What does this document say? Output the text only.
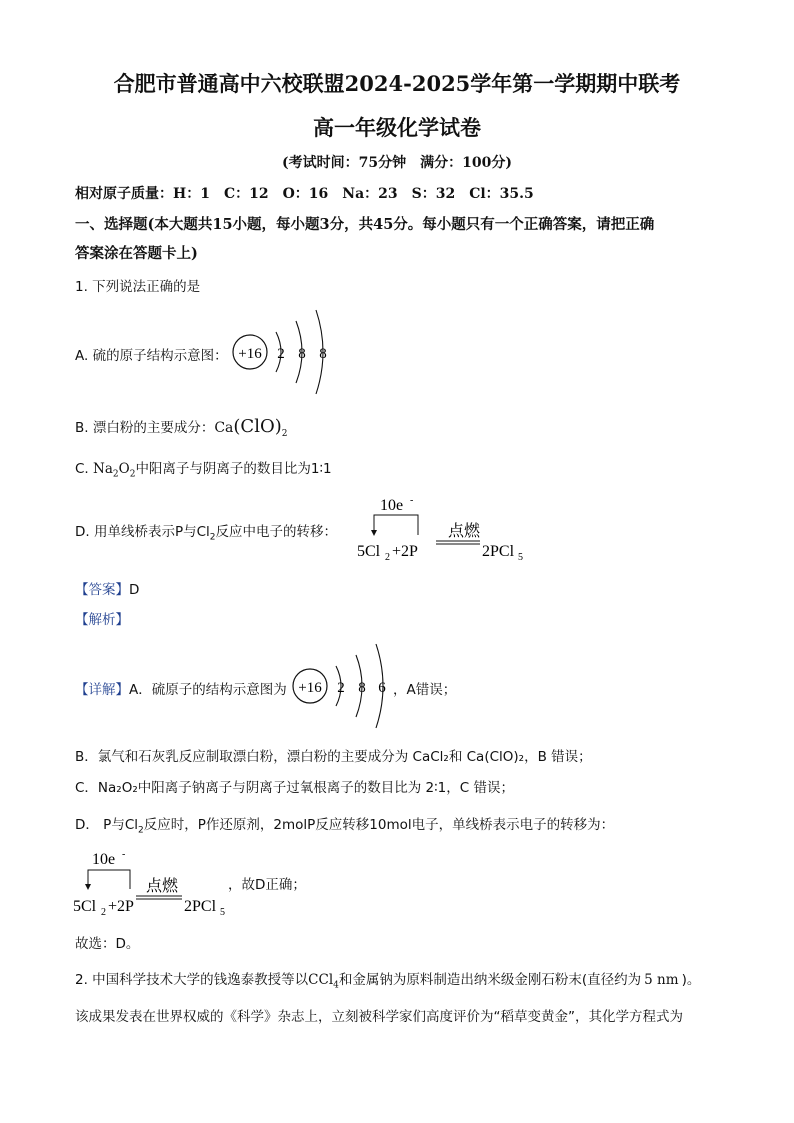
合肥市普通高中六校联盟2024-2025学年第一学期期中联考
高一年级化学试卷
(考试时间：75分钟　满分：100分)
相对原子质量：H：1　C：12　O：16　Na：23　S：32　Cl：35.5
一、选择题(本大题共15小题，每小题3分，共45分。每小题只有一个正确答案，请把正确
答案涂在答题卡上)
1. 下列说法正确的是
A. 硫的原子结构示意图： +16 2 8 8
B. 漂白粉的主要成分：$Ca(ClO)_2$
C. $Na_2O_2$中阳离子与阴离子的数目比为1∶1
D. 用单线桥表示P与$Cl_2$反应中电子的转移：
10e -
点燃
5Cl 2 +2P	2PCl 5
【答案】D
【解析】
【详解】A．硫原子的结构示意图为 +16 2 8 6 ，A错误；
B．氯气和石灰乳反应制取漂白粉，漂白粉的主要成分为 CaCl₂和 Ca(ClO)₂，B 错误；
C．Na₂O₂中阳离子钠离子与阴离子过氧根离子的数目比为 2∶1，C 错误；
D． P与$Cl_2$反应时，P作还原剂，2molP反应转移10mol电子，单线桥表示电子的转移为：
10e -
点燃
5Cl 2 +2P	2PCl 5
，故D正确；
故选：D。
2. 中国科学技术大学的钱逸泰教授等以CCl$_4$和金属钠为原料制造出纳米级金刚石粉末(直径约为 5 nm )。
该成果发表在世界权威的《科学》杂志上，立刻被科学家们高度评价为“稻草变黄金”，其化学方程式为
